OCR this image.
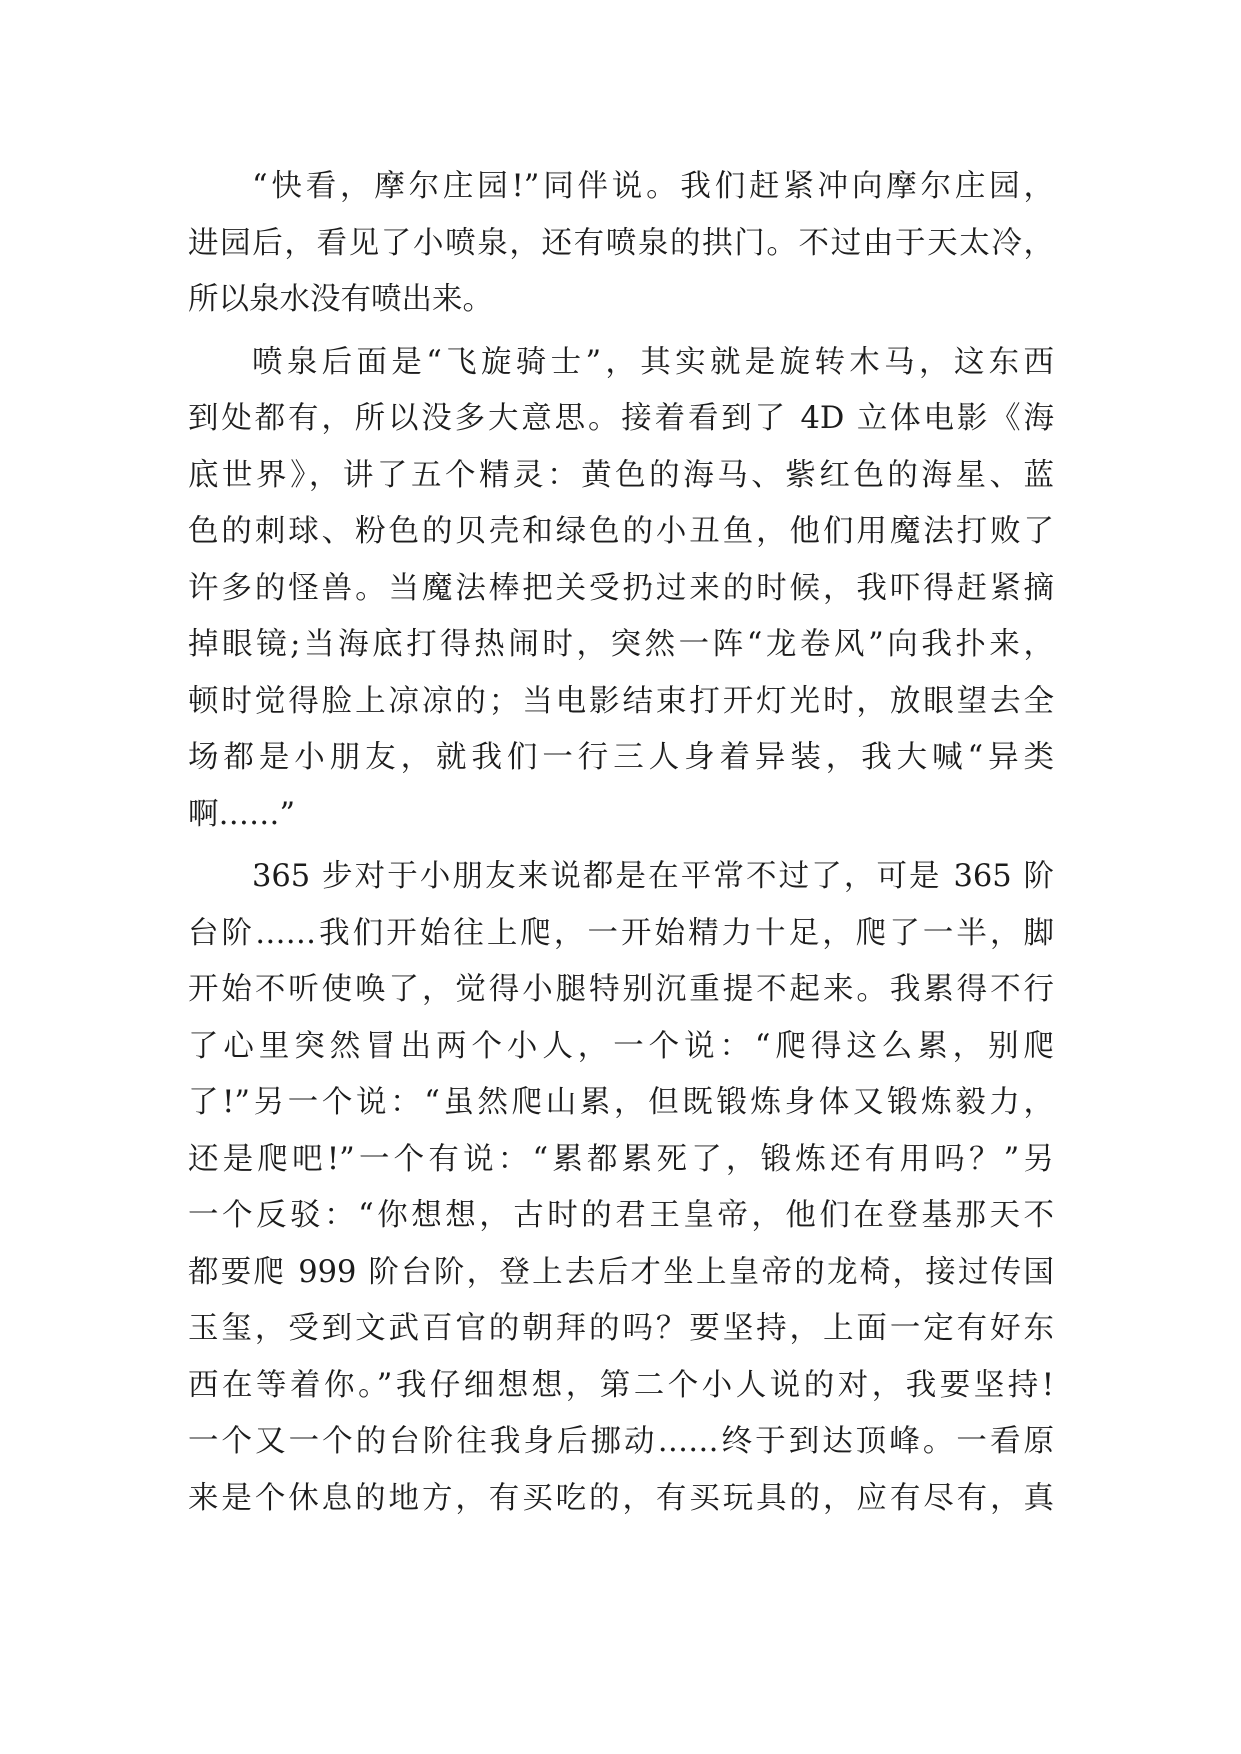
“快看，摩尔庄园!”同伴说。我们赶紧冲向摩尔庄园，
进园后，看见了小喷泉，还有喷泉的拱门。不过由于天太冷，
所以泉水没有喷出来。
喷泉后面是“飞旋骑士”，其实就是旋转木马，这东西
到处都有，所以没多大意思。接着看到了 4D 立体电影《海
底世界》，讲了五个精灵：黄色的海马、紫红色的海星、蓝
色的刺球、粉色的贝壳和绿色的小丑鱼，他们用魔法打败了
许多的怪兽。当魔法棒把关受扔过来的时候，我吓得赶紧摘
掉眼镜;当海底打得热闹时，突然一阵“龙卷风”向我扑来，
顿时觉得脸上凉凉的；当电影结束打开灯光时，放眼望去全
场都是小朋友，就我们一行三人身着异装，我大喊“异类
啊……”
365 步对于小朋友来说都是在平常不过了，可是 365 阶
台阶……我们开始往上爬，一开始精力十足，爬了一半，脚
开始不听使唤了，觉得小腿特别沉重提不起来。我累得不行
了心里突然冒出两个小人，一个说：“爬得这么累，别爬
了!”另一个说：“虽然爬山累，但既锻炼身体又锻炼毅力，
还是爬吧!”一个有说：“累都累死了，锻炼还有用吗？”另
一个反驳：“你想想，古时的君王皇帝，他们在登基那天不
都要爬 999 阶台阶，登上去后才坐上皇帝的龙椅，接过传国
玉玺，受到文武百官的朝拜的吗？要坚持，上面一定有好东
西在等着你。”我仔细想想，第二个小人说的对，我要坚持!
一个又一个的台阶往我身后挪动……终于到达顶峰。一看原
来是个休息的地方，有买吃的，有买玩具的，应有尽有，真
